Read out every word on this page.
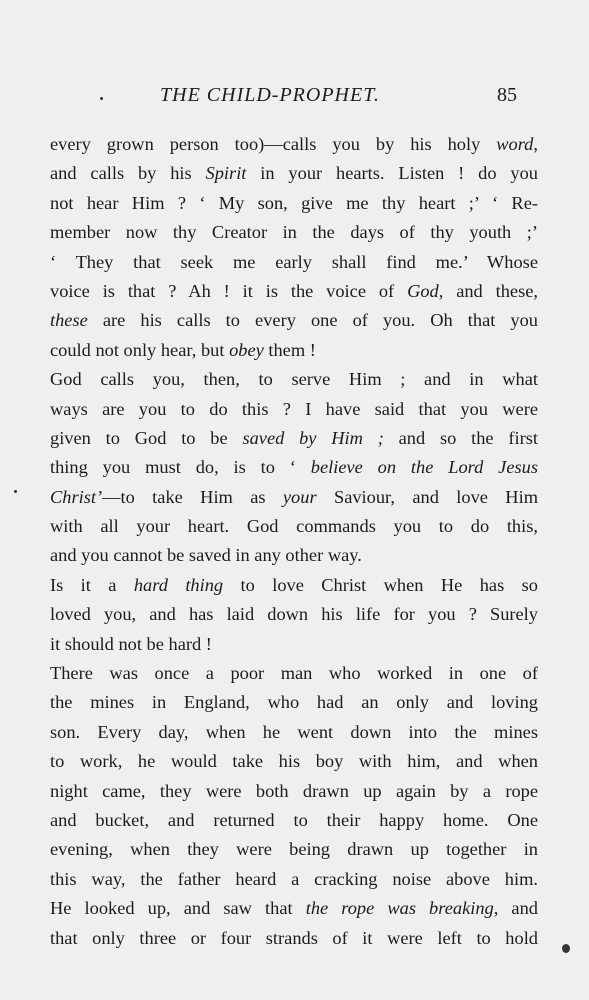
THE CHILD-PROPHET.	85
every grown person too)—calls you by his holy word,
and calls by his Spirit in your hearts. Listen ! do you
not hear Him ? ‘ My son, give me thy heart ;’ ‘ Re-
member now thy Creator in the days of thy youth ;’
‘ They that seek me early shall find me.’ Whose
voice is that ? Ah ! it is the voice of God, and these,
these are his calls to every one of you. Oh that you
could not only hear, but obey them !
God calls you, then, to serve Him ; and in what
ways are you to do this ? I have said that you were
given to God to be saved by Him ; and so the first
thing you must do, is to ‘ believe on the Lord Jesus
Christ’—to take Him as your Saviour, and love Him
with all your heart. God commands you to do this,
and you cannot be saved in any other way.
Is it a hard thing to love Christ when He has so
loved you, and has laid down his life for you ? Surely
it should not be hard !
There was once a poor man who worked in one of
the mines in England, who had an only and loving
son. Every day, when he went down into the mines
to work, he would take his boy with him, and when
night came, they were both drawn up again by a rope
and bucket, and returned to their happy home. One
evening, when they were being drawn up together in
this way, the father heard a cracking noise above him.
He looked up, and saw that the rope was breaking, and
that only three or four strands of it were left to hold
